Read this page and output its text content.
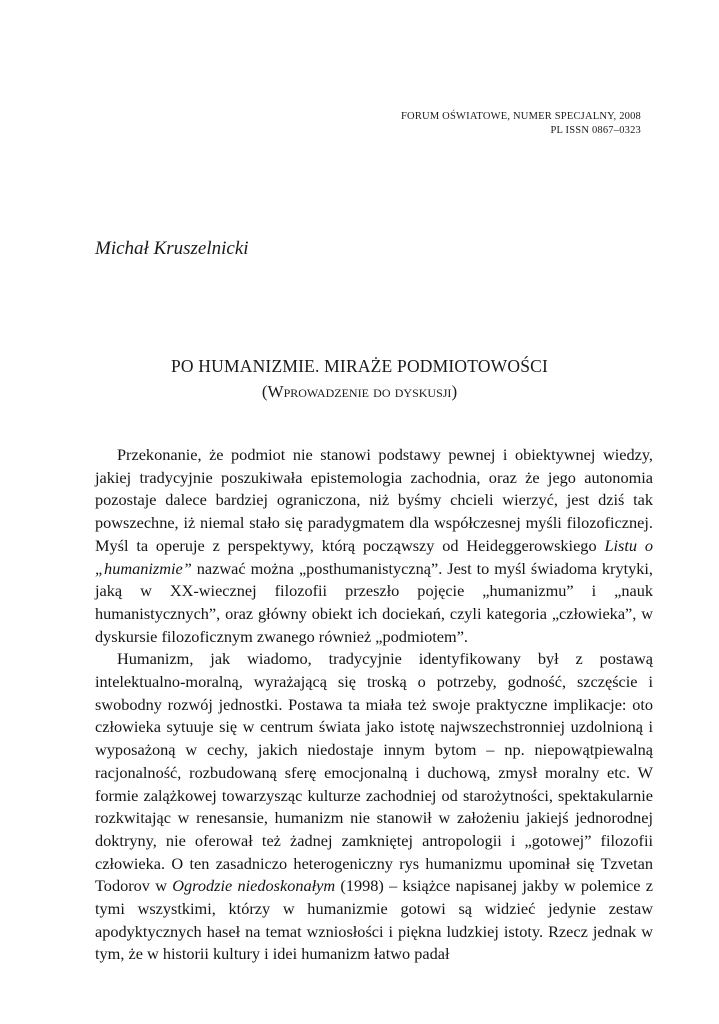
FORUM OŚWIATOWE, NUMER SPECJALNY, 2008
PL ISSN 0867–0323
Michał Kruszelnicki
PO HUMANIZMIE. MIRAŻE PODMIOTOWOŚCI
(Wprowadzenie do dyskusji)

Przekonanie, że podmiot nie stanowi podstawy pewnej i obiektywnej wiedzy, jakiej tradycyjnie poszukiwała epistemologia zachodnia, oraz że jego autonomia pozostaje dalece bardziej ograniczona, niż byśmy chcieli wierzyć, jest dziś tak powszechne, iż niemal stało się paradygmatem dla współczesnej myśli filozoficznej. Myśl ta operuje z perspektywy, którą począwszy od Heideggerowskiego Listu o „humanizmie” nazwać można „posthumanistyczną”. Jest to myśl świadoma krytyki, jaką w XX-wiecznej filozofii przeszło pojęcie „humanizmu” i „nauk humanistycznych”, oraz główny obiekt ich dociekań, czyli kategoria „człowieka”, w dyskursie filozoficznym zwanego również „podmiotem”.

Humanizm, jak wiadomo, tradycyjnie identyfikowany był z postawą intelektualno-moralną, wyrażającą się troską o potrzeby, godność, szczęście i swobodny rozwój jednostki. Postawa ta miała też swoje praktyczne implikacje: oto człowieka sytuuje się w centrum świata jako istotę najwszechstronniej uzdolnioną i wyposażoną w cechy, jakich niedostaje innym bytom – np. niepowątpiewalną racjonalność, rozbudowaną sferę emocjonalną i duchową, zmysł moralny etc. W formie zalążkowej towarzysząc kulturze zachodniej od starożytności, spektakularnie rozkwitając w renesansie, humanizm nie stanowił w założeniu jakiejś jednorodnej doktryny, nie oferował też żadnej zamkniętej antropologii i „gotowej” filozofii człowieka. O ten zasadniczo heterogeniczny rys humanizmu upominał się Tzvetan Todorov w Ogrodzie niedoskonałym (1998) – książce napisanej jakby w polemice z tymi wszystkimi, którzy w humanizmie gotowi są widzieć jedynie zestaw apodyktycznych haseł na temat wzniosłości i piękna ludzkiej istoty. Rzecz jednak w tym, że w historii kultury i idei humanizm łatwo padał
